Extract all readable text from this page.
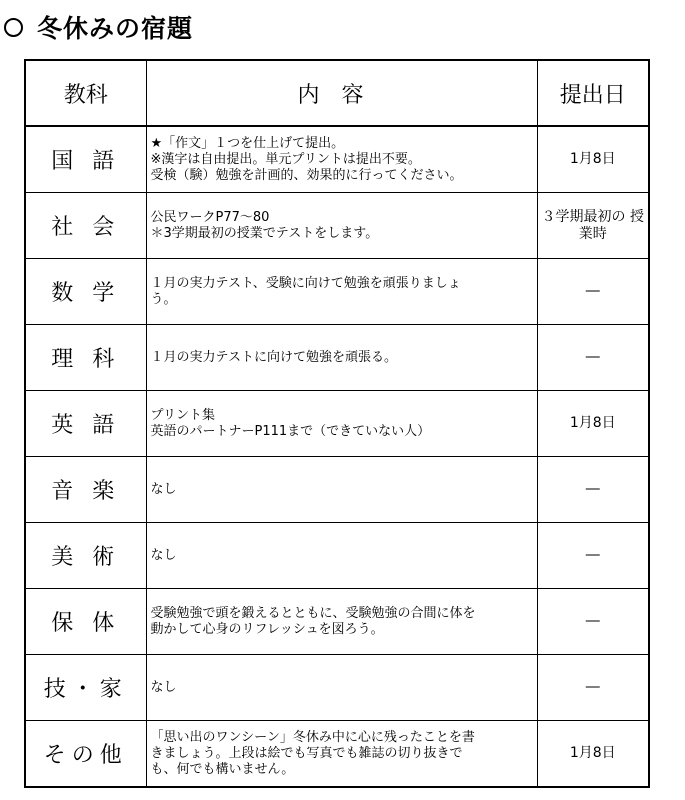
冬休みの宿題
教科	内容	提出日
国 語	★「作文」１つを仕上げて提出。
※漢字は自由提出。単元プリントは提出不要。
受検（験）勉強を計画的、効果的に行ってください。	1月8日
社 会	公民ワークP77～80
＊3学期最初の授業でテストをします。	３学期最初の 授業時
数 学	１月の実力テスト、受験に向けて勉強を頑張りましょ
う。	―
理 科	１月の実力テストに向けて勉強を頑張る。	―
英 語	プリント集
英語のパートナーP111まで（できていない人）	1月8日
音 楽	なし	―
美 術	なし	―
保 体	受験勉強で頭を鍛えるとともに、受験勉強の合間に体を
動かして心身のリフレッシュを図ろう。	―
技・家	なし	―
その他	「思い出のワンシーン」冬休み中に心に残ったことを書
きましょう。上段は絵でも写真でも雑誌の切り抜きで
も、何でも構いません。	1月8日
